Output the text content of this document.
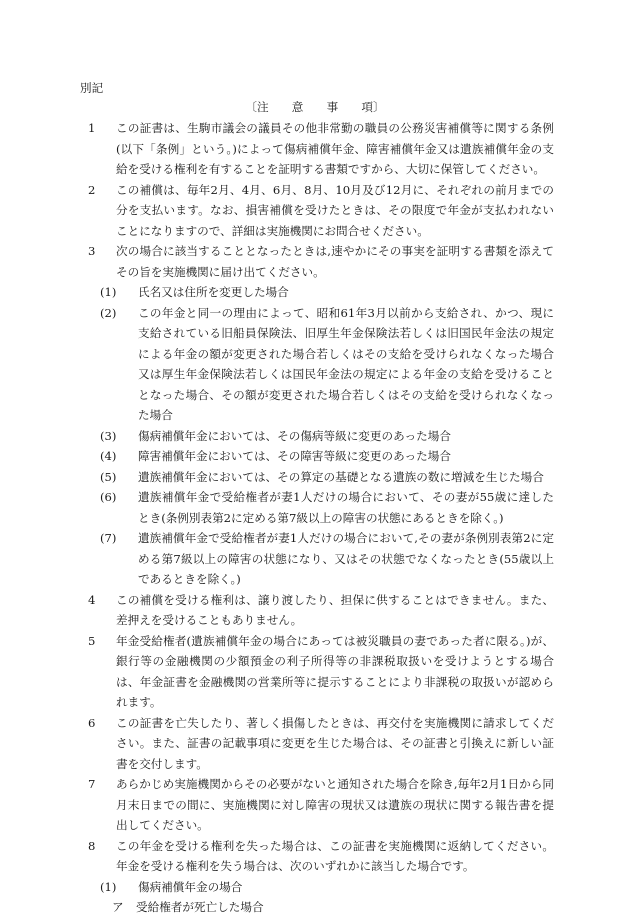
別記
〔注　　意　　事　　項〕
1	この証書は、生駒市議会の議員その他非常勤の職員の公務災害補償等に関する条例(以下「条例」という。)によって傷病補償年金、障害補償年金又は遺族補償年金の支給を受ける権利を有することを証明する書類ですから、大切に保管してください。
2	この補償は、毎年2月、4月、6月、8月、10月及び12月に、それぞれの前月までの分を支払います。なお、損害補償を受けたときは、その限度で年金が支払われないことになりますので、詳細は実施機関にお問合せください。
3	次の場合に該当することとなったときは,速やかにその事実を証明する書類を添えてその旨を実施機関に届け出てください。
(1)	氏名又は住所を変更した場合
(2)	この年金と同一の理由によって、昭和61年3月以前から支給され、かつ、現に支給されている旧船員保険法、旧厚生年金保険法若しくは旧国民年金法の規定による年金の額が変更された場合若しくはその支給を受けられなくなった場合又は厚生年金保険法若しくは国民年金法の規定による年金の支給を受けることとなった場合、その額が変更された場合若しくはその支給を受けられなくなった場合
(3)	傷病補償年金においては、その傷病等級に変更のあった場合
(4)	障害補償年金においては、その障害等級に変更のあった場合
(5)	遺族補償年金においては、その算定の基礎となる遺族の数に増減を生じた場合
(6)	遺族補償年金で受給権者が妻1人だけの場合において、その妻が55歳に達したとき(条例別表第2に定める第7級以上の障害の状態にあるときを除く。)
(7)	遺族補償年金で受給権者が妻1人だけの場合において,その妻が条例別表第2に定める第7級以上の障害の状態になり、又はその状態でなくなったとき(55歳以上であるときを除く。)
4	この補償を受ける権利は、譲り渡したり、担保に供することはできません。また、差押えを受けることもありません。
5	年金受給権者(遺族補償年金の場合にあっては被災職員の妻であった者に限る。)が、銀行等の金融機関の少額預金の利子所得等の非課税取扱いを受けようとする場合は、年金証書を金融機関の営業所等に提示することにより非課税の取扱いが認められます。
6	この証書を亡失したり、著しく損傷したときは、再交付を実施機関に請求してください。また、証書の記載事項に変更を生じた場合は、その証書と引換えに新しい証書を交付します。
7	あらかじめ実施機関からその必要がないと通知された場合を除き,毎年2月1日から同月末日までの間に、実施機関に対し障害の現状又は遺族の現状に関する報告書を提出してください。
8	この年金を受ける権利を失った場合は、この証書を実施機関に返納してください。年金を受ける権利を失う場合は、次のいずれかに該当した場合です。
(1)	傷病補償年金の場合
ア	受給権者が死亡した場合
